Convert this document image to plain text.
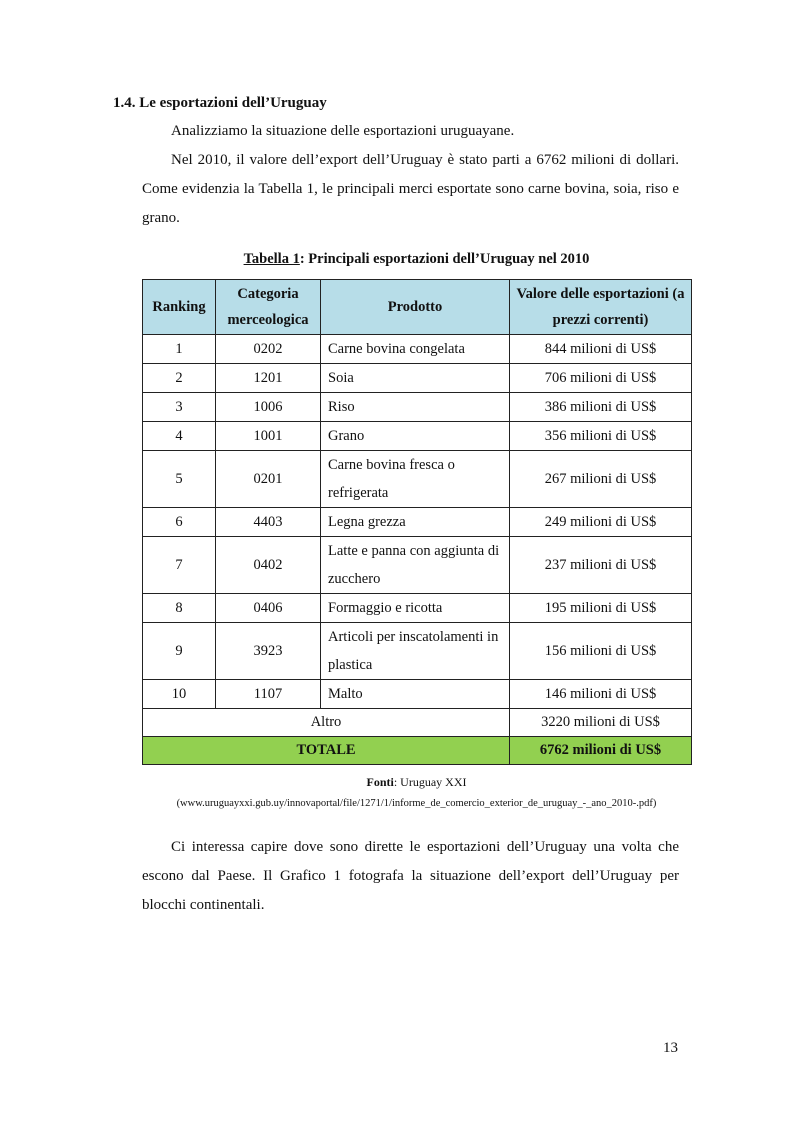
1.4. Le esportazioni dell’Uruguay

Analizziamo la situazione delle esportazioni uruguayane.

Nel 2010, il valore dell’export dell’Uruguay è stato parti a 6762 milioni di dollari. Come evidenzia la Tabella 1, le principali merci esportate sono carne bovina, soia, riso e grano.

Tabella 1: Principali esportazioni dell’Uruguay nel 2010

Ranking	Categoria merceologica	Prodotto	Valore delle esportazioni (a prezzi correnti)
1	0202	Carne bovina congelata	844 milioni di US$
2	1201	Soia	706 milioni di US$
3	1006	Riso	386 milioni di US$
4	1001	Grano	356 milioni di US$
5	0201	Carne bovina fresca o refrigerata	267 milioni di US$
6	4403	Legna grezza	249 milioni di US$
7	0402	Latte e panna con aggiunta di zucchero	237 milioni di US$
8	0406	Formaggio e ricotta	195 milioni di US$
9	3923	Articoli per inscatolamenti in plastica	156 milioni di US$
10	1107	Malto	146 milioni di US$
Altro			3220 milioni di US$
TOTALE			6762 milioni di US$

Fonti: Uruguay XXI

(www.uruguayxxi.gub.uy/innovaportal/file/1271/1/informe_de_comercio_exterior_de_uruguay_-_ano_2010-.pdf)

Ci interessa capire dove sono dirette le esportazioni dell’Uruguay una volta che escono dal Paese. Il Grafico 1 fotografa la situazione dell’export dell’Uruguay per blocchi continentali.

13
